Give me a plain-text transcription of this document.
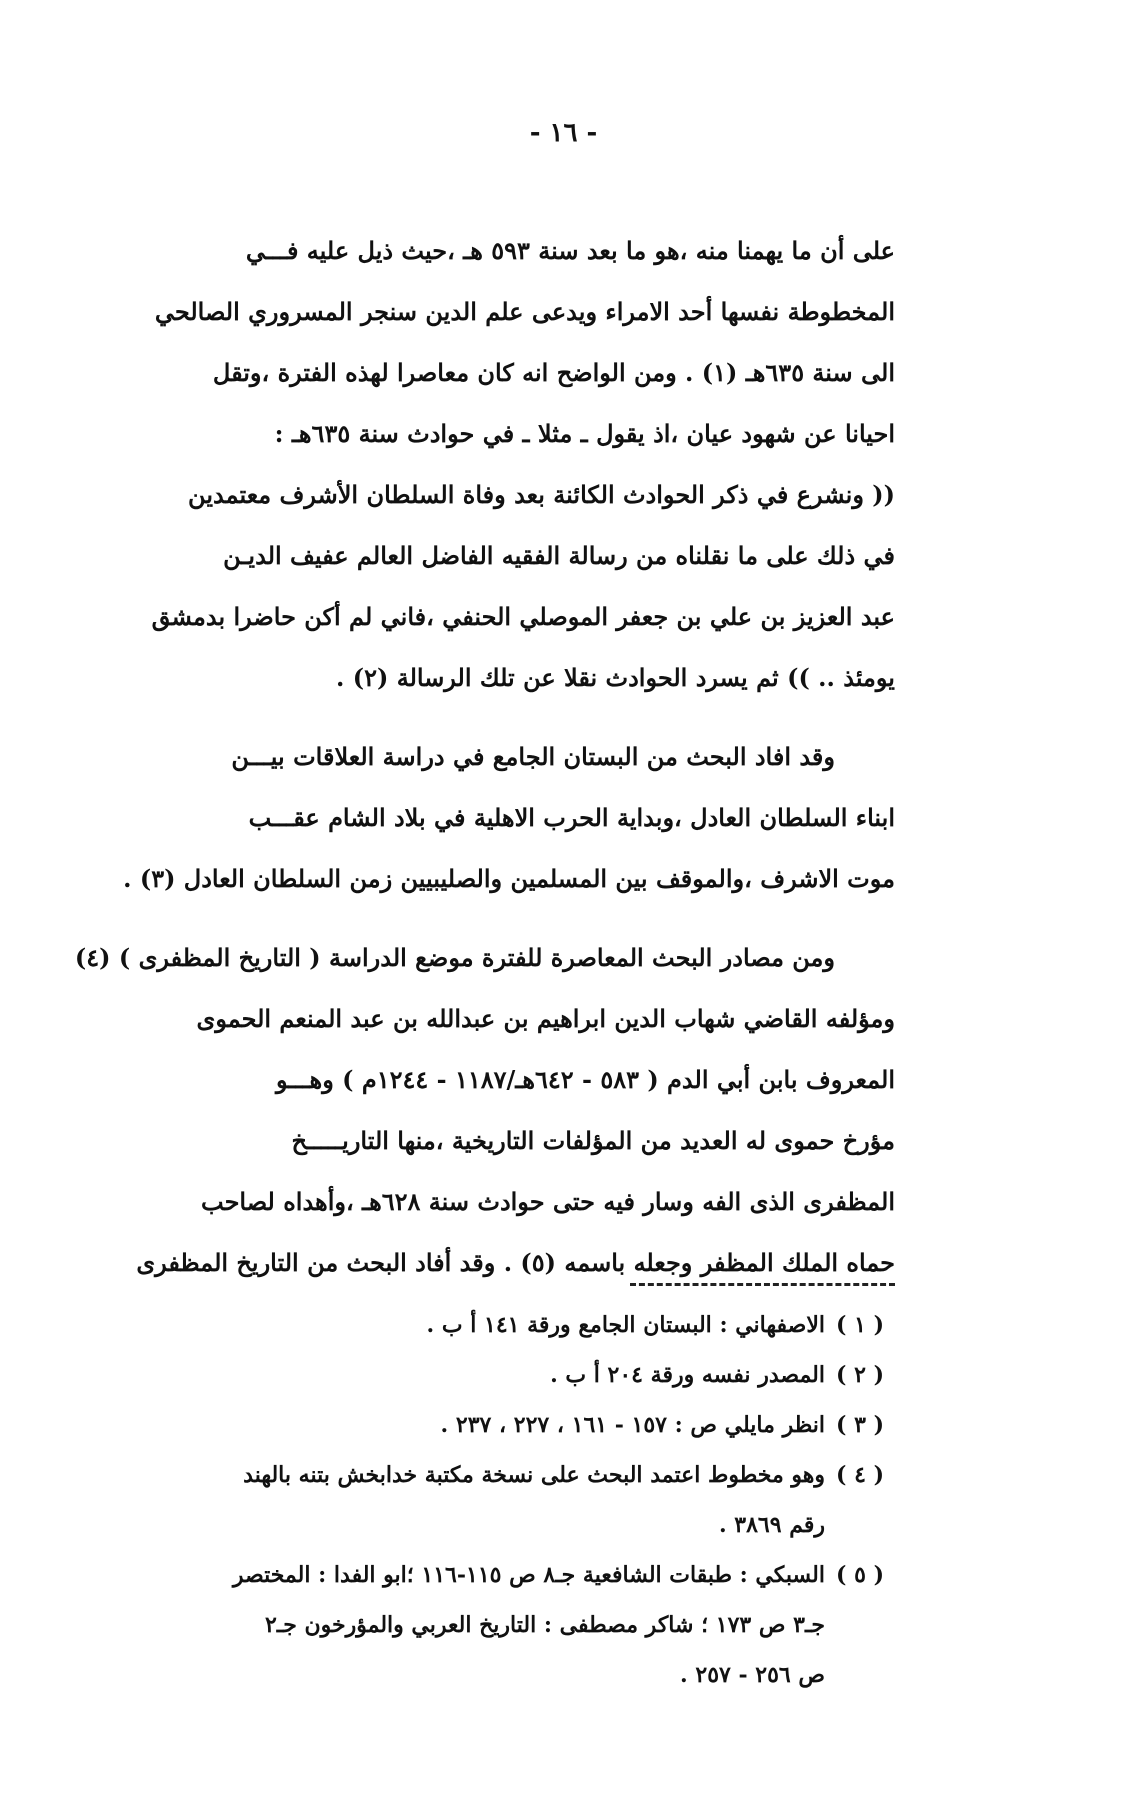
- ١٦ -
على أن ما يهمنا منه ،هو ما بعد سنة ٥٩٣ هـ ،حيث ذيل عليه فـــي
المخطوطة نفسها أحد الامراء ويدعى علم الدين سنجر المسروري الصالحي
الى سنة ٦٣٥هـ (١) . ومن الواضح انه كان معاصرا لهذه الفترة ،وتقل
احيانا عن شهود عيان ،اذ يقول ـ مثلا ـ في حوادث سنة ٦٣٥هـ :
(( ونشرع في ذكر الحوادث الكائنة بعد وفاة السلطان الأشرف معتمدين
في ذلك على ما نقلناه من رسالة الفقيه الفاضل العالم عفيف الديـن
عبد العزيز بن علي بن جعفر الموصلي الحنفي ،فاني لم أكن حاضرا بدمشق
يومئذ .. )) ثم يسرد الحوادث نقلا عن تلك الرسالة (٢) .
وقد افاد البحث من البستان الجامع في دراسة العلاقات بيـــن
ابناء السلطان العادل ،وبداية الحرب الاهلية في بلاد الشام عقـــب
موت الاشرف ،والموقف بين المسلمين والصليبيين زمن السلطان العادل (٣) .
ومن مصادر البحث المعاصرة للفترة موضع الدراسة ( التاريخ المظفرى ) (٤)
ومؤلفه القاضي شهاب الدين ابراهيم بن عبدالله بن عبد المنعم الحموى
المعروف بابن أبي الدم ( ٥٨٣ - ٦٤٢هـ/١١٨٧ - ١٢٤٤م ) وهـــو
مؤرخ حموى له العديد من المؤلفات التاريخية ،منها التاريـــــخ
المظفرى الذى الفه وسار فيه حتى حوادث سنة ٦٢٨هـ ،وأهداه لصاحب
حماه الملك المظفر وجعله باسمه (٥) . وقد أفاد البحث من التاريخ المظفرى
( ١ )
الاصفهاني : البستان الجامع ورقة ١٤١ أ ب .
( ٢ )
المصدر نفسه ورقة ٢٠٤ أ ب .
( ٣ )
انظر مايلي ص : ١٥٧ - ١٦١ ، ٢٢٧ ، ٢٣٧ .
( ٤ )
وهو مخطوط اعتمد البحث على نسخة مكتبة خدابخش بتنه بالهند
رقم ٣٨٦٩ .
( ٥ )
السبكي : طبقات الشافعية جـ٨ ص ١١٥-١١٦ ؛ابو الفدا : المختصر
جـ٣ ص ١٧٣ ؛ شاكر مصطفى : التاريخ العربي والمؤرخون جـ٢
ص ٢٥٦ - ٢٥٧ .
